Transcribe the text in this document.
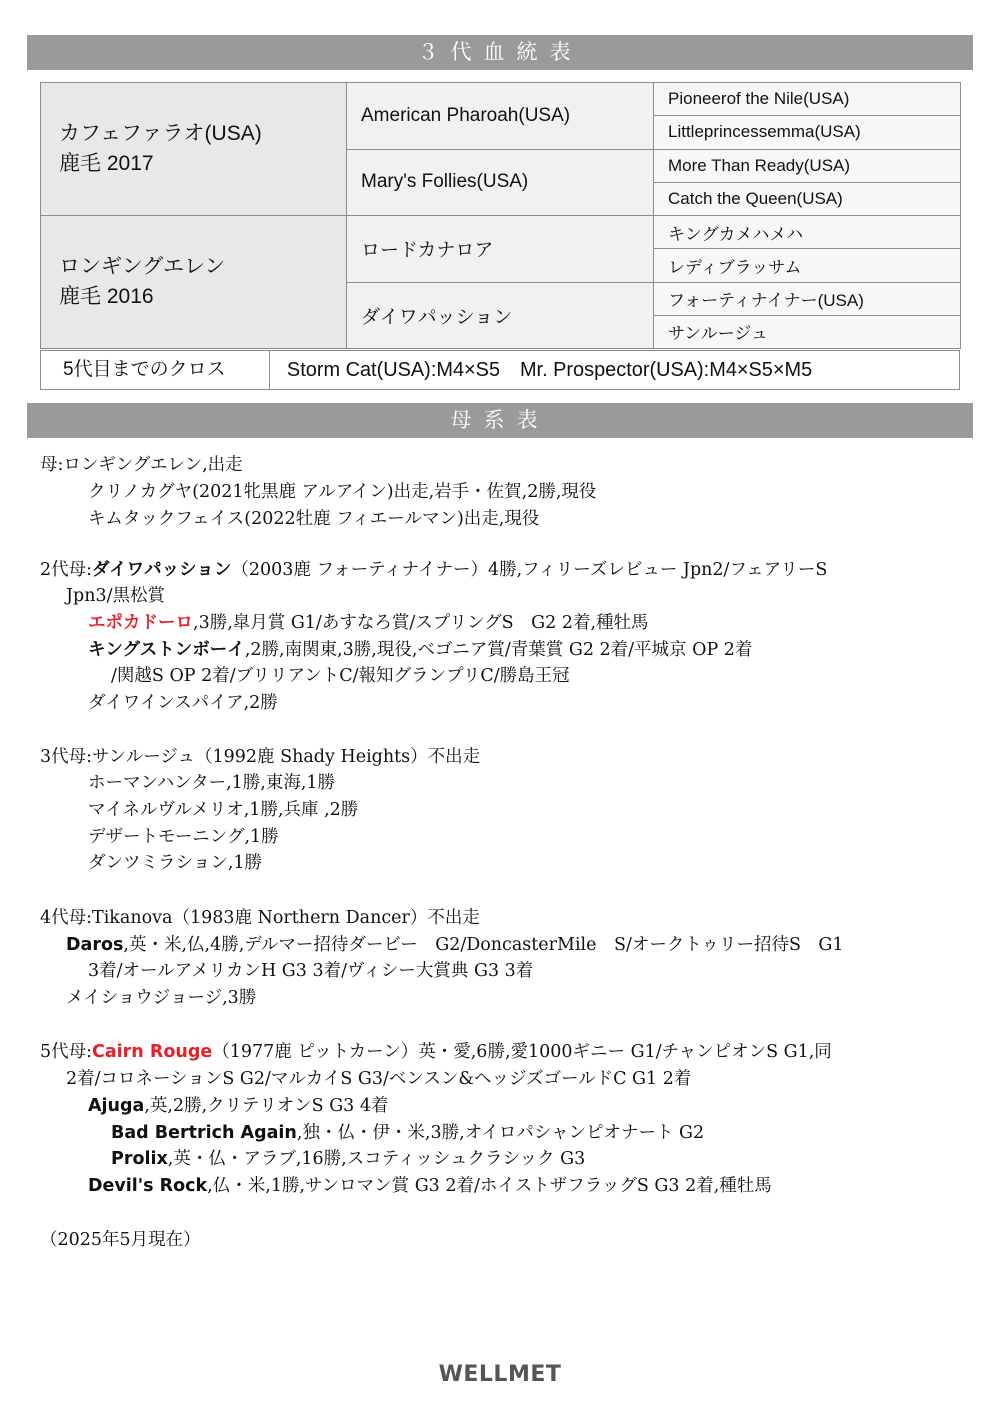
３代血統表
カフェファラオ(USA)
鹿毛 2017	American Pharoah(USA)	Pioneerof the Nile(USA)
		Littleprincessemma(USA)
	Mary's Follies(USA)	More Than Ready(USA)
		Catch the Queen(USA)

ロンギングエレン
鹿毛 2016	ロードカナロア	キングカメハメハ
		レディブラッサム
	ダイワパッション	フォーティナイナー(USA)
		サンルージュ
5代目までのクロス	Storm Cat(USA):M4×S5　Mr. Prospector(USA):M4×S5×M5
母系表
母:ロンギングエレン,出走
クリノカグヤ(2021牝黒鹿 アルアイン)出走,岩手・佐賀,2勝,現役
キムタックフェイス(2022牡鹿 フィエールマン)出走,現役
2代母:ダイワパッション（2003鹿 フォーティナイナー）4勝,フィリーズレビュー Jpn2/フェアリーS
Jpn3/黒松賞
エポカドーロ,3勝,皐月賞 G1/あすなろ賞/スプリングS　G2 2着,種牡馬
キングストンボーイ,2勝,南関東,3勝,現役,ベゴニア賞/青葉賞 G2 2着/平城京 OP 2着
/関越S OP 2着/ブリリアントC/報知グランプリC/勝島王冠
ダイワインスパイア,2勝
3代母:サンルージュ（1992鹿 Shady Heights）不出走
ホーマンハンター,1勝,東海,1勝
マイネルヴルメリオ,1勝,兵庫 ,2勝
デザートモーニング,1勝
ダンツミラション,1勝
4代母:Tikanova（1983鹿 Northern Dancer）不出走
Daros,英・米,仏,4勝,デルマー招待ダービー　G2/DoncasterMile　S/オークトゥリー招待S　G1
3着/オールアメリカンH G3 3着/ヴィシー大賞典 G3 3着
メイショウジョージ,3勝
5代母:Cairn Rouge（1977鹿 ピットカーン）英・愛,6勝,愛1000ギニー G1/チャンピオンS G1,同
2着/コロネーションS G2/マルカイS G3/ベンスン&ヘッジズゴールドC G1 2着
Ajuga,英,2勝,クリテリオンS G3 4着
Bad Bertrich Again,独・仏・伊・米,3勝,オイロパシャンピオナート G2
Prolix,英・仏・アラブ,16勝,スコティッシュクラシック G3
Devil's Rock,仏・米,1勝,サンロマン賞 G3 2着/ホイストザフラッグS G3 2着,種牡馬
（2025年5月現在）
WELLMET
